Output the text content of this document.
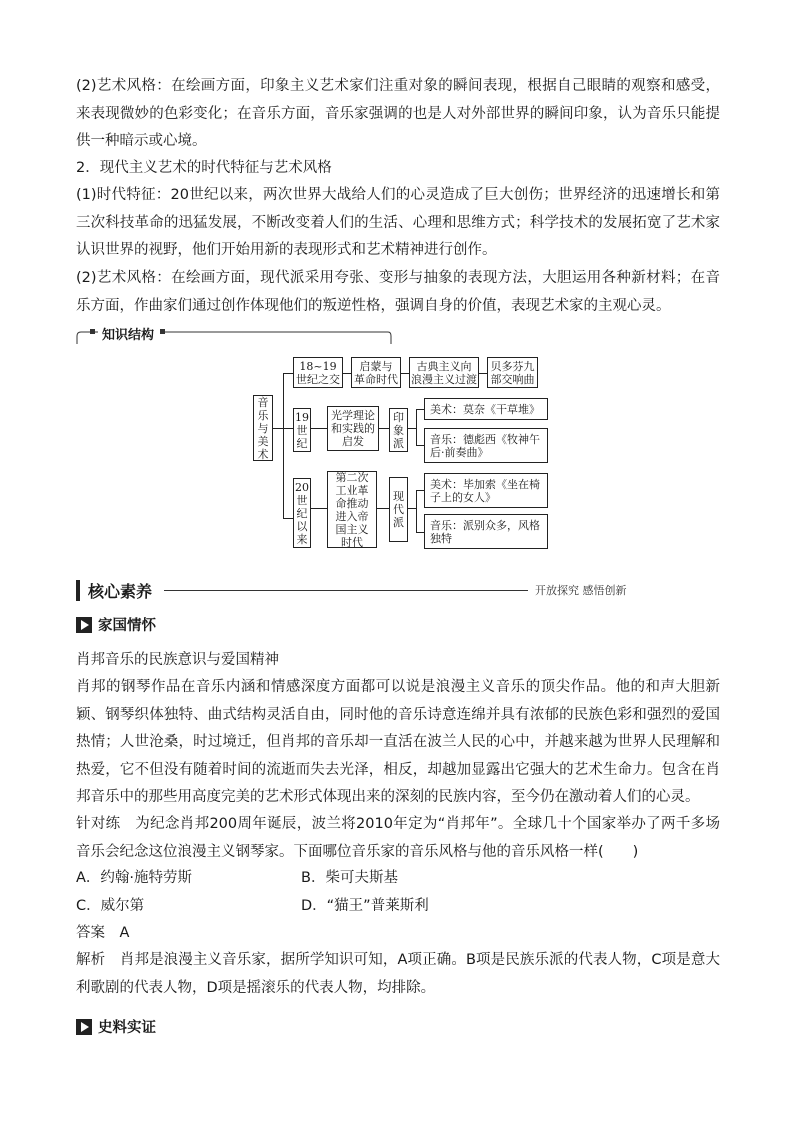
(2)艺术风格：在绘画方面，印象主义艺术家们注重对象的瞬间表现，根据自己眼睛的观察和感受，来表现微妙的色彩变化；在音乐方面，音乐家强调的也是人对外部世界的瞬间印象，认为音乐只能提供一种暗示或心境。

2．现代主义艺术的时代特征与艺术风格

(1)时代特征：20世纪以来，两次世界大战给人们的心灵造成了巨大创伤；世界经济的迅速增长和第三次科技革命的迅猛发展，不断改变着人们的生活、心理和思维方式；科学技术的发展拓宽了艺术家认识世界的视野，他们开始用新的表现形式和艺术精神进行创作。

(2)艺术风格：在绘画方面，现代派采用夸张、变形与抽象的表现方法，大胆运用各种新材料；在音乐方面，作曲家们通过创作体现他们的叛逆性格，强调自身的价值，表现艺术家的主观心灵。

知识结构
音
乐
与
美
术
18~19
世纪之交
启蒙与
革命时代
古典主义向
浪漫主义过渡
贝多芬九
部交响曲
19
世
纪
光学理论
和实践的
启发
印
象
派
美术：莫奈《干草堆》
音乐：德彪西《牧神午
后·前奏曲》
20
世
纪
以
来
第二次
工业革
命推动
进入帝
国主义
时代
现
代
派
美术：毕加索《坐在椅
子上的女人》
音乐：派别众多，风格
独特
核心素养	开放探究 感悟创新
家国情怀
肖邦音乐的民族意识与爱国精神

肖邦的钢琴作品在音乐内涵和情感深度方面都可以说是浪漫主义音乐的顶尖作品。他的和声大胆新颖、钢琴织体独特、曲式结构灵活自由，同时他的音乐诗意连绵并具有浓郁的民族色彩和强烈的爱国热情；人世沧桑，时过境迁，但肖邦的音乐却一直活在波兰人民的心中，并越来越为世界人民理解和热爱，它不但没有随着时间的流逝而失去光泽，相反，却越加显露出它强大的艺术生命力。包含在肖邦音乐中的那些用高度完美的艺术形式体现出来的深刻的民族内容，至今仍在激动着人们的心灵。

针对练　为纪念肖邦200周年诞辰，波兰将2010年定为“肖邦年”。全球几十个国家举办了两千多场音乐会纪念这位浪漫主义钢琴家。下面哪位音乐家的音乐风格与他的音乐风格一样(　　)

A．约翰·施特劳斯	B．柴可夫斯基
C．威尔第	D．“猫王”普莱斯利
答案　A

解析　肖邦是浪漫主义音乐家，据所学知识可知，A项正确。B项是民族乐派的代表人物，C项是意大利歌剧的代表人物，D项是摇滚乐的代表人物，均排除。

史料实证
